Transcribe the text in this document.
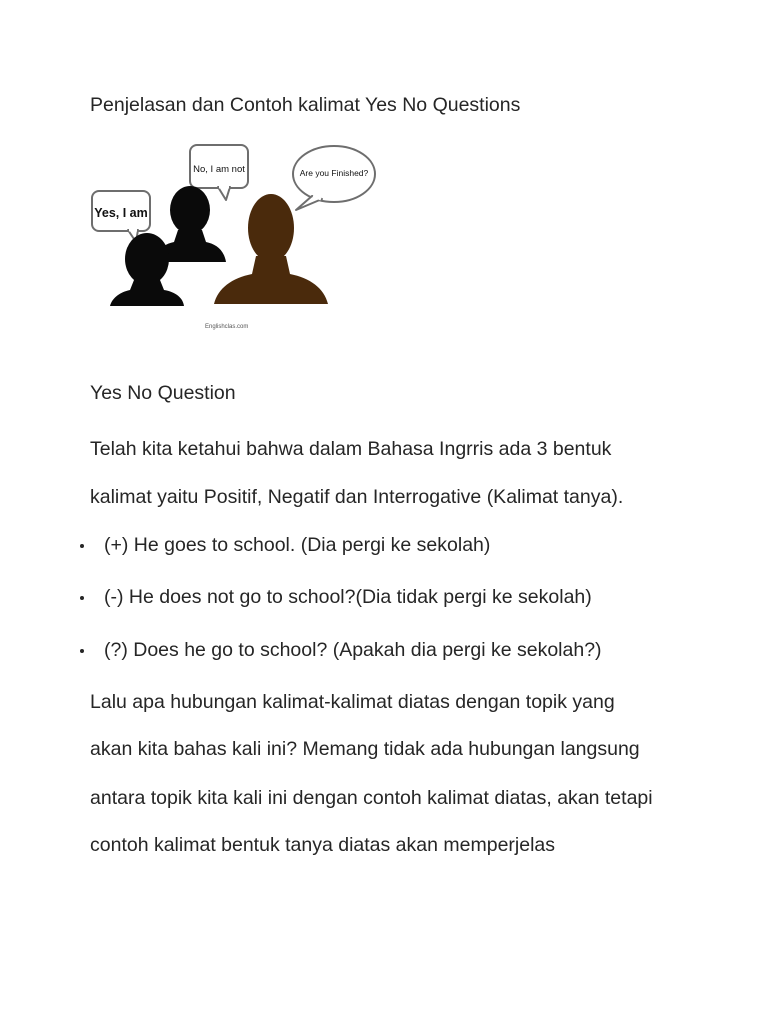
Penjelasan dan Contoh kalimat Yes No Questions
Yes, I am
No, I am not	Are you Finished?
Englishclas.com
Yes No Question
Telah kita ketahui bahwa dalam Bahasa Ingrris ada 3 bentuk
kalimat yaitu Positif, Negatif dan Interrogative (Kalimat tanya).
(+) He goes to school. (Dia pergi ke sekolah)
(-) He does not go to school?(Dia tidak pergi ke sekolah)
(?) Does he go to school? (Apakah dia pergi ke sekolah?)
Lalu apa hubungan kalimat-kalimat diatas dengan topik yang
akan kita bahas kali ini? Memang tidak ada hubungan langsung
antara topik kita kali ini dengan contoh kalimat diatas, akan tetapi
contoh kalimat bentuk tanya diatas akan memperjelas
